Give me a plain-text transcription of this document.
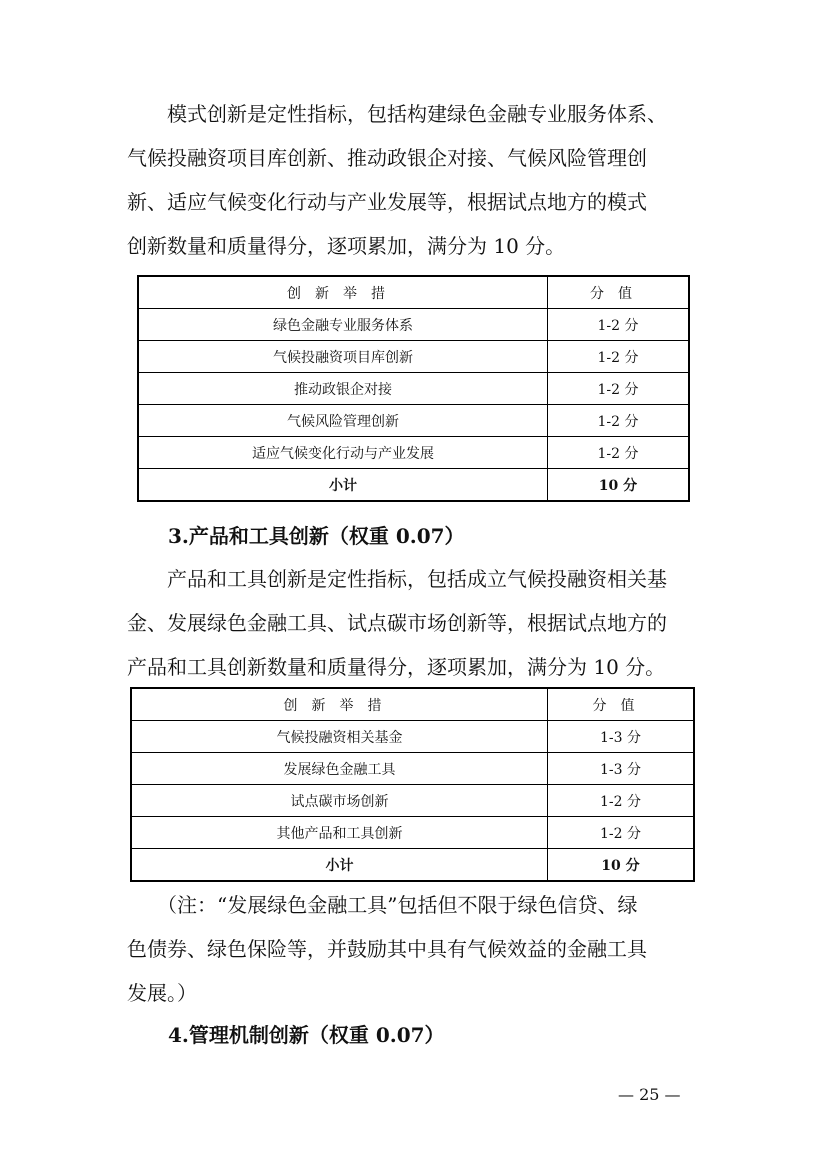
　　模式创新是定性指标，包括构建绿色金融专业服务体系、
气候投融资项目库创新、推动政银企对接、气候风险管理创
新、适应气候变化行动与产业发展等，根据试点地方的模式
创新数量和质量得分，逐项累加，满分为 10 分。
创新举措	分值
绿色金融专业服务体系	1-2 分
气候投融资项目库创新	1-2 分
推动政银企对接	1-2 分
气候风险管理创新	1-2 分
适应气候变化行动与产业发展	1-2 分
小计	10 分
3.产品和工具创新（权重 0.07）
　　产品和工具创新是定性指标，包括成立气候投融资相关基
金、发展绿色金融工具、试点碳市场创新等，根据试点地方的
产品和工具创新数量和质量得分，逐项累加，满分为 10 分。
创新举措	分值
气候投融资相关基金	1-3 分
发展绿色金融工具	1-3 分
试点碳市场创新	1-2 分
其他产品和工具创新	1-2 分
小计	10 分
　　（注：“发展绿色金融工具”包括但不限于绿色信贷、绿
色债券、绿色保险等，并鼓励其中具有气候效益的金融工具
发展。）
4.管理机制创新（权重 0.07）
— 25 —
